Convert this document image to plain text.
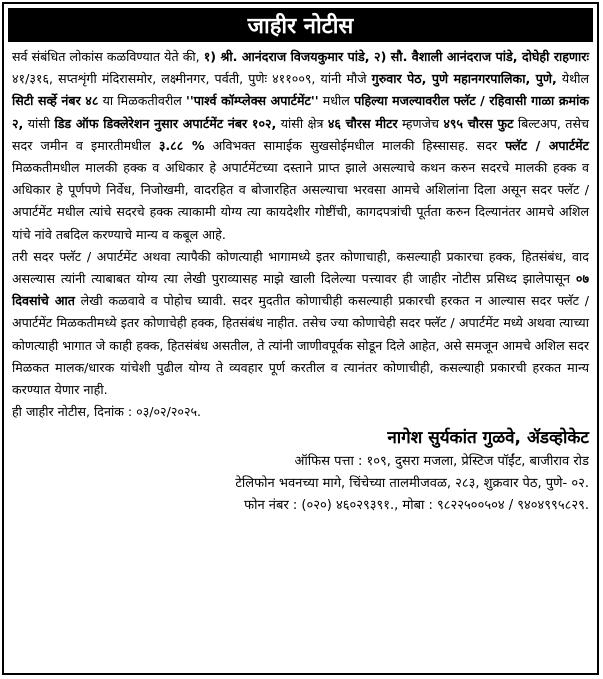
जाहीर नोटीस

सर्व संबंधित लोकांस कळविण्यात येते की, १) श्री. आनंदराज विजयकुमार पांडे, २) सौ. वैशाली आनंदराज पांडे, दोघेही राहणारः ४१/३१६, सप्तशृंगी मंदिरासमोर, लक्ष्मीनगर, पर्वती, पुणेः ४११००९, यांनी मौजे गुरुवार पेठ, पुणे महानगरपालिका, पुणे, येथील सिटी सर्व्हे नंबर ४८ या मिळकतीवरील ''पार्श्व कॉम्प्लेक्स अपार्टमेंट'' मधील पहिल्या मजल्यावरील फ्लॅट / रहिवासी गाळा क्रमांक २, यांसी डिड ऑफ डिक्लेरेशन नुसार अपार्टमेंट नंबर १०२, यांसी क्षेत्र ४६ चौरस मीटर म्हणजेच ४९५ चौरस फुट बिल्टअप, तसेच सदर जमीन व इमारतीमधील ३.८८ % अविभक्त सामाईक सुखसोईमधील मालकी हिस्सासह. सदर फ्लॅट / अपार्टमेंट मिळकतीमधील मालकी हक्क व अधिकार हे अपार्टमेंटच्या दस्ताने प्राप्त झाले असल्याचे कथन करुन सदरचे मालकी हक्क व अधिकार हे पूर्णपणे निर्वेध, निजोखमी, वादरहित व बोजारहित असल्याचा भरवसा आमचे अशिलांना दिला असून सदर फ्लॅट / अपार्टमेंट मधील त्यांचे सदरचे हक्क त्याकामी योग्य त्या कायदेशीर गोष्टींची, कागदपत्रांची पूर्तता करुन दिल्यानंतर आमचे अशिल यांचे नांवे तबदिल करण्याचे मान्य व कबूल आहे.

तरी सदर फ्लॅट / अपार्टमेंट अथवा त्यापैकी कोणत्याही भागामध्ये इतर कोणाचाही, कसल्याही प्रकारचा हक्क, हितसंबंध, वाद असल्यास त्यांनी त्याबाबत योग्य त्या लेखी पुराव्यासह माझे खाली दिलेल्या पत्त्यावर ही जाहीर नोटीस प्रसिध्द झालेपासून ०७ दिवसांचे आत लेखी कळवावे व पोहोच घ्यावी. सदर मुदतीत कोणाचीही कसल्याही प्रकारची हरकत न आल्यास सदर फ्लॅट /अपार्टमेंट मिळकतीमध्ये इतर कोणाचेही हक्क, हितसंबंध नाहीत. तसेच ज्या कोणाचेही सदर फ्लॅट / अपार्टमेंट मध्ये अथवा त्याच्या कोणत्याही भागात जे काही हक्क, हितसंबंध असतील, ते त्यांनी जाणीवपूर्वक सोडून दिले आहेत, असे समजून आमचे अशिल सदर मिळकत मालक/धारक यांचेशी पुढील योग्य ते व्यवहार पूर्ण करतील व त्यानंतर कोणाचीही, कसल्याही प्रकारची हरकत मान्य करण्यात येणार नाही.

ही जाहीर नोटीस, दिनांक : ०३/०२/२०२५.

नागेश सुर्यकांत गुळवे, ॲडव्होकेट
ऑफिस पत्ता : १०९, दुसरा मजला, प्रेस्टिज पॉईंट, बाजीराव रोड
टेलिफोन भवनच्या मागे, चिंचेच्या तालमीजवळ, २८३, शुक्रवार पेठ, पुणे- ०२.
फोन नंबर : (०२०) ४६०२९३९१., मोबा : ९८२२५००५०४ / ९४०४९९५८२९.
